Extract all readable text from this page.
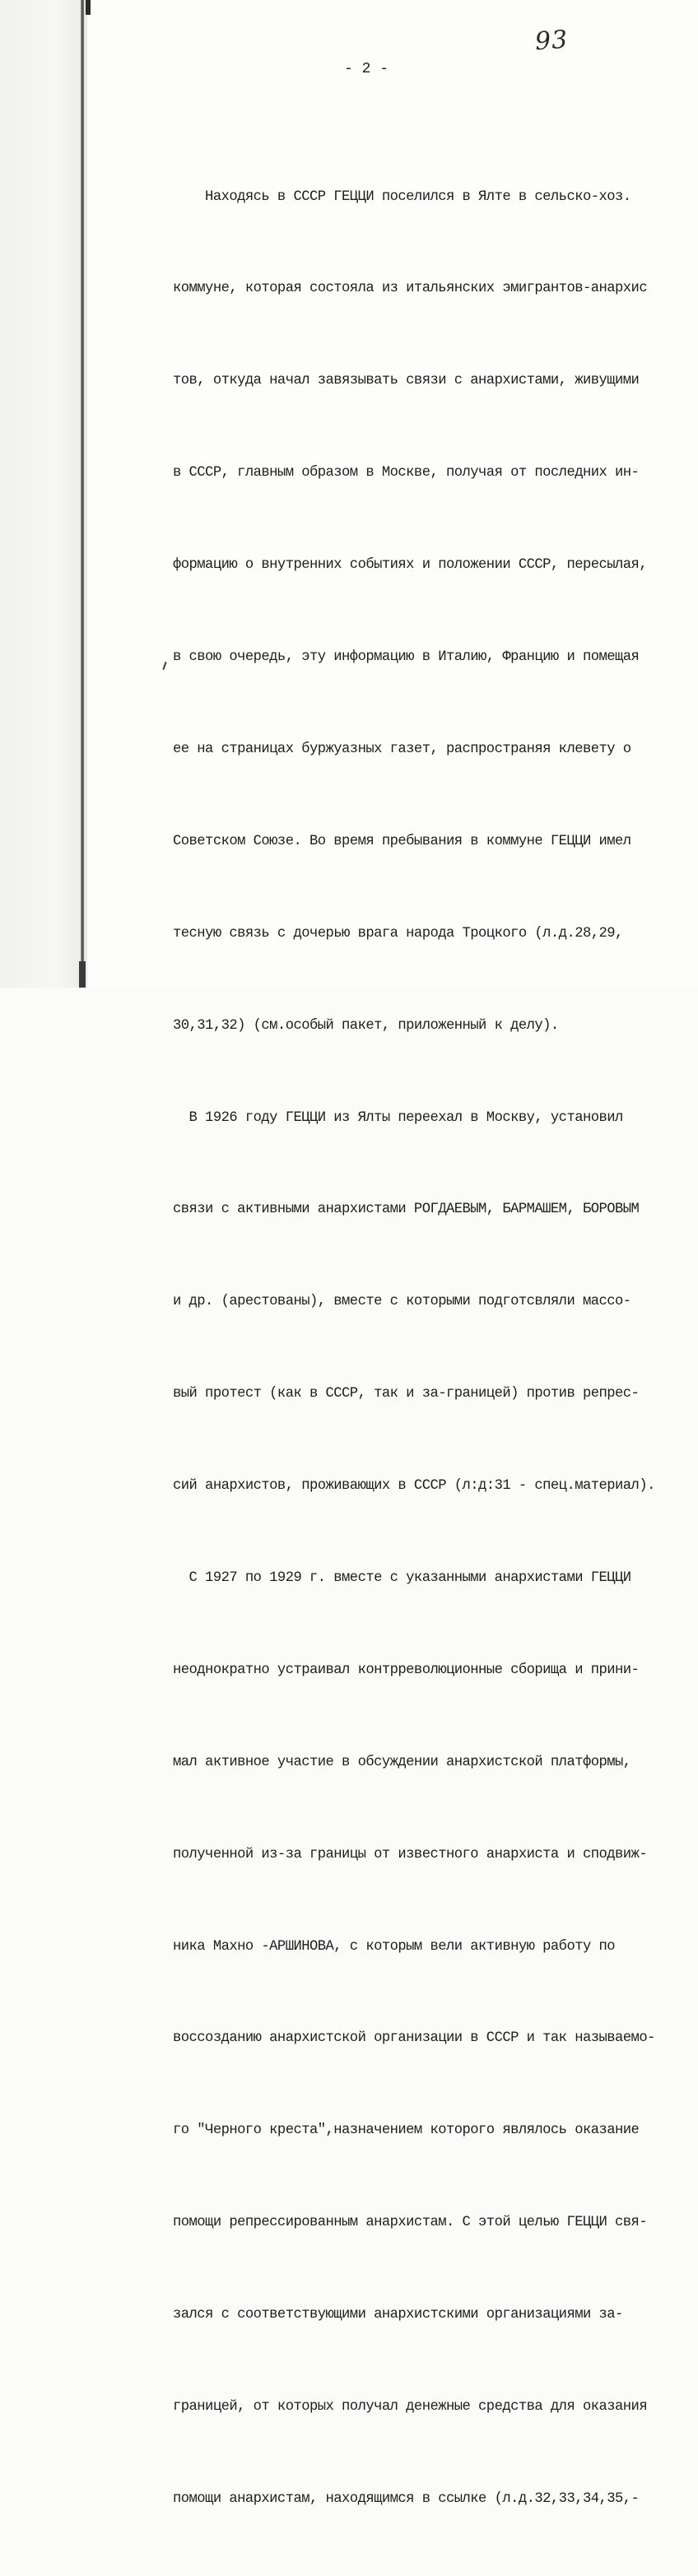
93
- 2 -

Находясь в СССР ГЕЦЦИ поселился в Ялте в сельско-хоз.

коммуне, которая состояла из итальянских эмигрантов-анархис

тов, откуда начал завязывать связи с анархистами, живущими

в СССР, главным образом в Москве, получая от последних ин-

формацию о внутренних событиях и положении СССР, пересылая,

в свою очередь, эту информацию в Италию, Францию и помещая

ее на страницах буржуазных газет, распространяя клевету о

Советском Союзе. Во время пребывания в коммуне ГЕЦЦИ имел

тесную связь с дочерью врага народа Троцкого (л.д.28,29,

30,31,32) (см.особый пакет, приложенный к делу).

В 1926 году ГЕЦЦИ из Ялты переехал в Москву, установил

связи с активными анархистами РОГДАЕВЫМ, БАРМАШЕМ, БОРОВЫМ

и др. (арестованы), вместе с которыми подготсвляли массо-

вый протест (как в СССР, так и за-границей) против репрес-

сий анархистов, проживающих в СССР (л:д:31 - спец.материал).

С 1927 по 1929 г. вместе с указанными анархистами ГЕЦЦИ

неоднократно устраивал контрреволюционные сборища и прини-

мал активное участие в обсуждении анархистской платформы,

полученной из-за границы от известного анархиста и сподвиж-

ника Махно -АРШИНОВА, с которым вели активную работу по

воссозданию анархистской организации в СССР и так называемо-

го "Черного креста",назначением которого являлось оказание

помощи репрессированным анархистам. С этой целью ГЕЦЦИ свя-

зался с соответствующими анархистскими организациями за-

границей, от которых получал денежные средства для оказания

помощи анархистам, находящимся в ссылке (л.д.32,33,34,35,-
